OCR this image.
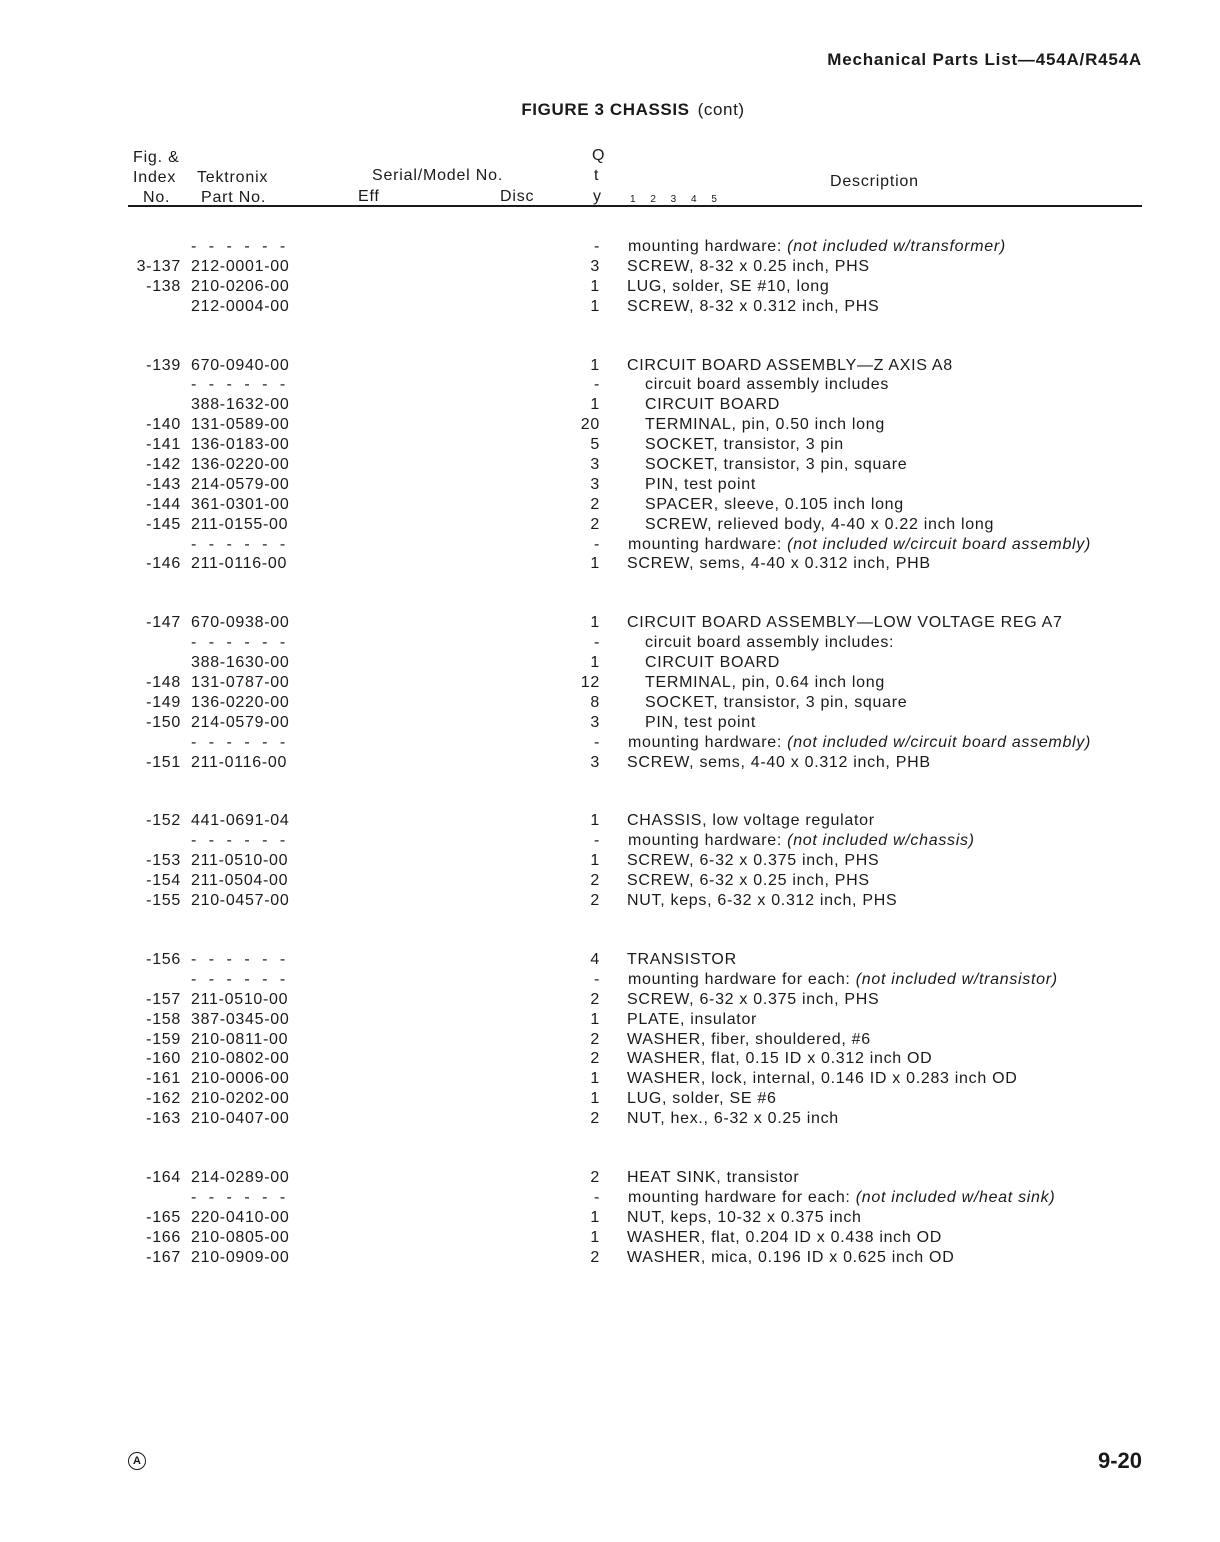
Mechanical Parts List—454A/R454A
FIGURE 3 CHASSIS (cont)
Fig. &
Index
No.
Tektronix
Part No.
Serial/Model No.
Eff	Disc
Q
t
y	1 2 3 4 5
Description
- - - - - -	- mounting hardware: (not included w/transformer)
3-137 212-0001-00	3 SCREW, 8-32 x 0.25 inch, PHS
-138 210-0206-00	1 LUG, solder, SE #10, long
212-0004-00	1 SCREW, 8-32 x 0.312 inch, PHS
-139 670-0940-00	1 CIRCUIT BOARD ASSEMBLY—Z AXIS A8
- - - - - -	-	circuit board assembly includes
388-1632-00	1	CIRCUIT BOARD
-140 131-0589-00	20	TERMINAL, pin, 0.50 inch long
-141 136-0183-00	5	SOCKET, transistor, 3 pin
-142 136-0220-00	3	SOCKET, transistor, 3 pin, square
-143 214-0579-00	3	PIN, test point
-144 361-0301-00	2	SPACER, sleeve, 0.105 inch long
-145 211-0155-00	2	SCREW, relieved body, 4-40 x 0.22 inch long
- - - - - -	- mounting hardware: (not included w/circuit board assembly)
-146 211-0116-00	1 SCREW, sems, 4-40 x 0.312 inch, PHB
-147 670-0938-00	1 CIRCUIT BOARD ASSEMBLY—LOW VOLTAGE REG A7
- - - - - -	-	circuit board assembly includes:
388-1630-00	1	CIRCUIT BOARD
-148 131-0787-00	12	TERMINAL, pin, 0.64 inch long
-149 136-0220-00	8	SOCKET, transistor, 3 pin, square
-150 214-0579-00	3	PIN, test point
- - - - - -	- mounting hardware: (not included w/circuit board assembly)
-151 211-0116-00	3 SCREW, sems, 4-40 x 0.312 inch, PHB
-152 441-0691-04	1 CHASSIS, low voltage regulator
- - - - - -	- mounting hardware: (not included w/chassis)
-153 211-0510-00	1 SCREW, 6-32 x 0.375 inch, PHS
-154 211-0504-00	2 SCREW, 6-32 x 0.25 inch, PHS
-155 210-0457-00	2 NUT, keps, 6-32 x 0.312 inch, PHS
-156 - - - - - -	4 TRANSISTOR
- - - - - -	- mounting hardware for each: (not included w/transistor)
-157 211-0510-00	2 SCREW, 6-32 x 0.375 inch, PHS
-158 387-0345-00	1 PLATE, insulator
-159 210-0811-00	2 WASHER, fiber, shouldered, #6
-160 210-0802-00	2 WASHER, flat, 0.15 ID x 0.312 inch OD
-161 210-0006-00	1 WASHER, lock, internal, 0.146 ID x 0.283 inch OD
-162 210-0202-00	1 LUG, solder, SE #6
-163 210-0407-00	2 NUT, hex., 6-32 x 0.25 inch
-164 214-0289-00	2 HEAT SINK, transistor
- - - - - -	- mounting hardware for each: (not included w/heat sink)
-165 220-0410-00	1 NUT, keps, 10-32 x 0.375 inch
-166 210-0805-00	1 WASHER, flat, 0.204 ID x 0.438 inch OD
-167 210-0909-00	2 WASHER, mica, 0.196 ID x 0.625 inch OD
A	9-20
